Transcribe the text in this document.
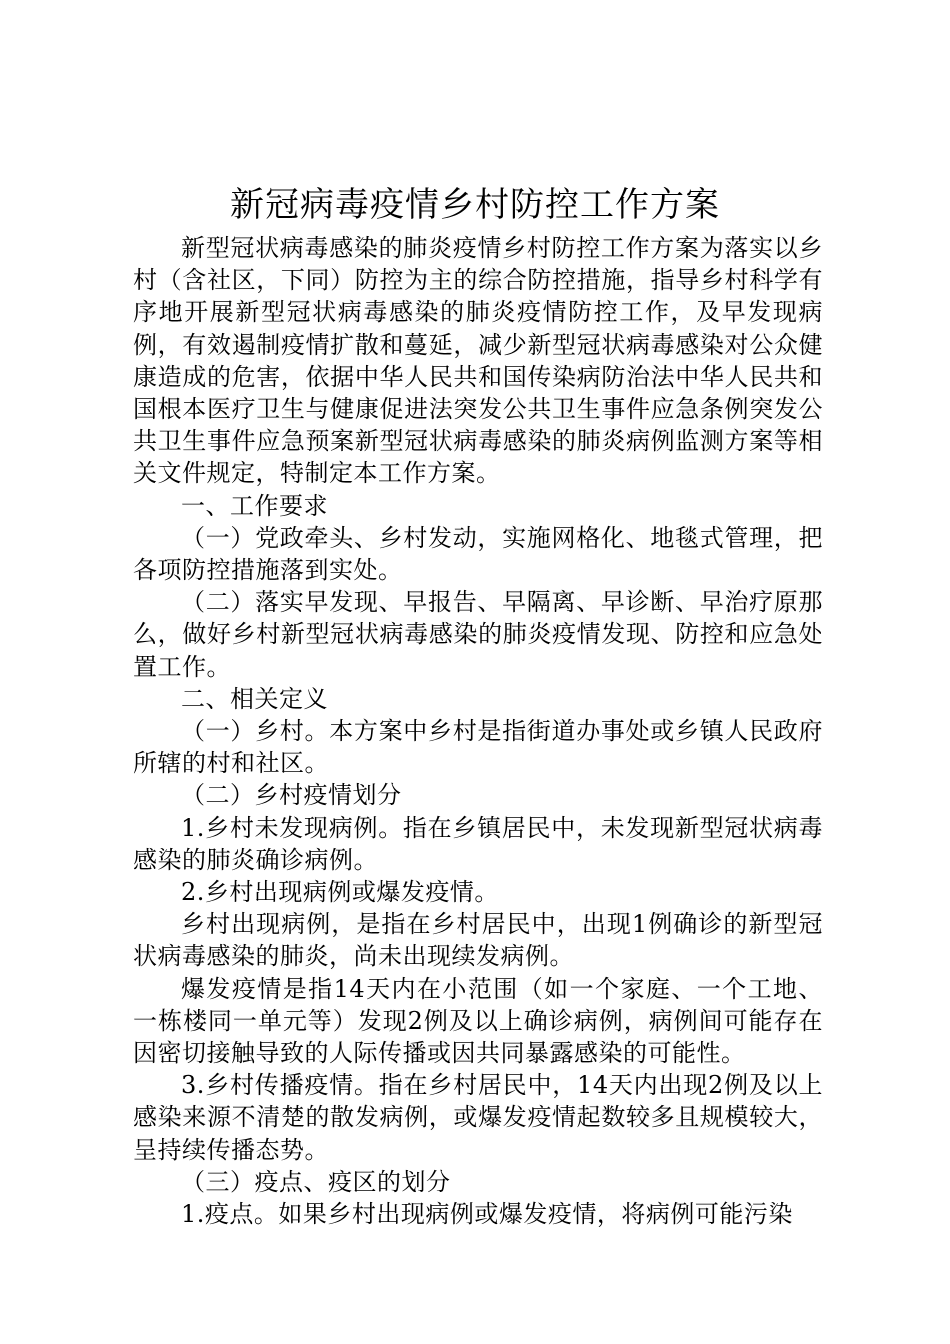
新冠病毒疫情乡村防控工作方案

新型冠状病毒感染的肺炎疫情乡村防控工作方案为落实以乡村（含社区，下同）防控为主的综合防控措施，指导乡村科学有序地开展新型冠状病毒感染的肺炎疫情防控工作，及早发现病例，有效遏制疫情扩散和蔓延，减少新型冠状病毒感染对公众健康造成的危害，依据中华人民共和国传染病防治法中华人民共和国根本医疗卫生与健康促进法突发公共卫生事件应急条例突发公共卫生事件应急预案新型冠状病毒感染的肺炎病例监测方案等相关文件规定，特制定本工作方案。

一、工作要求

（一）党政牵头、乡村发动，实施网格化、地毯式管理，把各项防控措施落到实处。

（二）落实早发现、早报告、早隔离、早诊断、早治疗原那么，做好乡村新型冠状病毒感染的肺炎疫情发现、防控和应急处置工作。

二、相关定义

（一）乡村。本方案中乡村是指街道办事处或乡镇人民政府所辖的村和社区。

（二）乡村疫情划分

1.乡村未发现病例。指在乡镇居民中，未发现新型冠状病毒感染的肺炎确诊病例。

2.乡村出现病例或爆发疫情。

乡村出现病例，是指在乡村居民中，出现1例确诊的新型冠状病毒感染的肺炎，尚未出现续发病例。

爆发疫情是指14天内在小范围（如一个家庭、一个工地、一栋楼同一单元等）发现2例及以上确诊病例，病例间可能存在因密切接触导致的人际传播或因共同暴露感染的可能性。

3.乡村传播疫情。指在乡村居民中，14天内出现2例及以上感染来源不清楚的散发病例，或爆发疫情起数较多且规模较大，呈持续传播态势。

（三）疫点、疫区的划分

1.疫点。如果乡村出现病例或爆发疫情，将病例可能污染
